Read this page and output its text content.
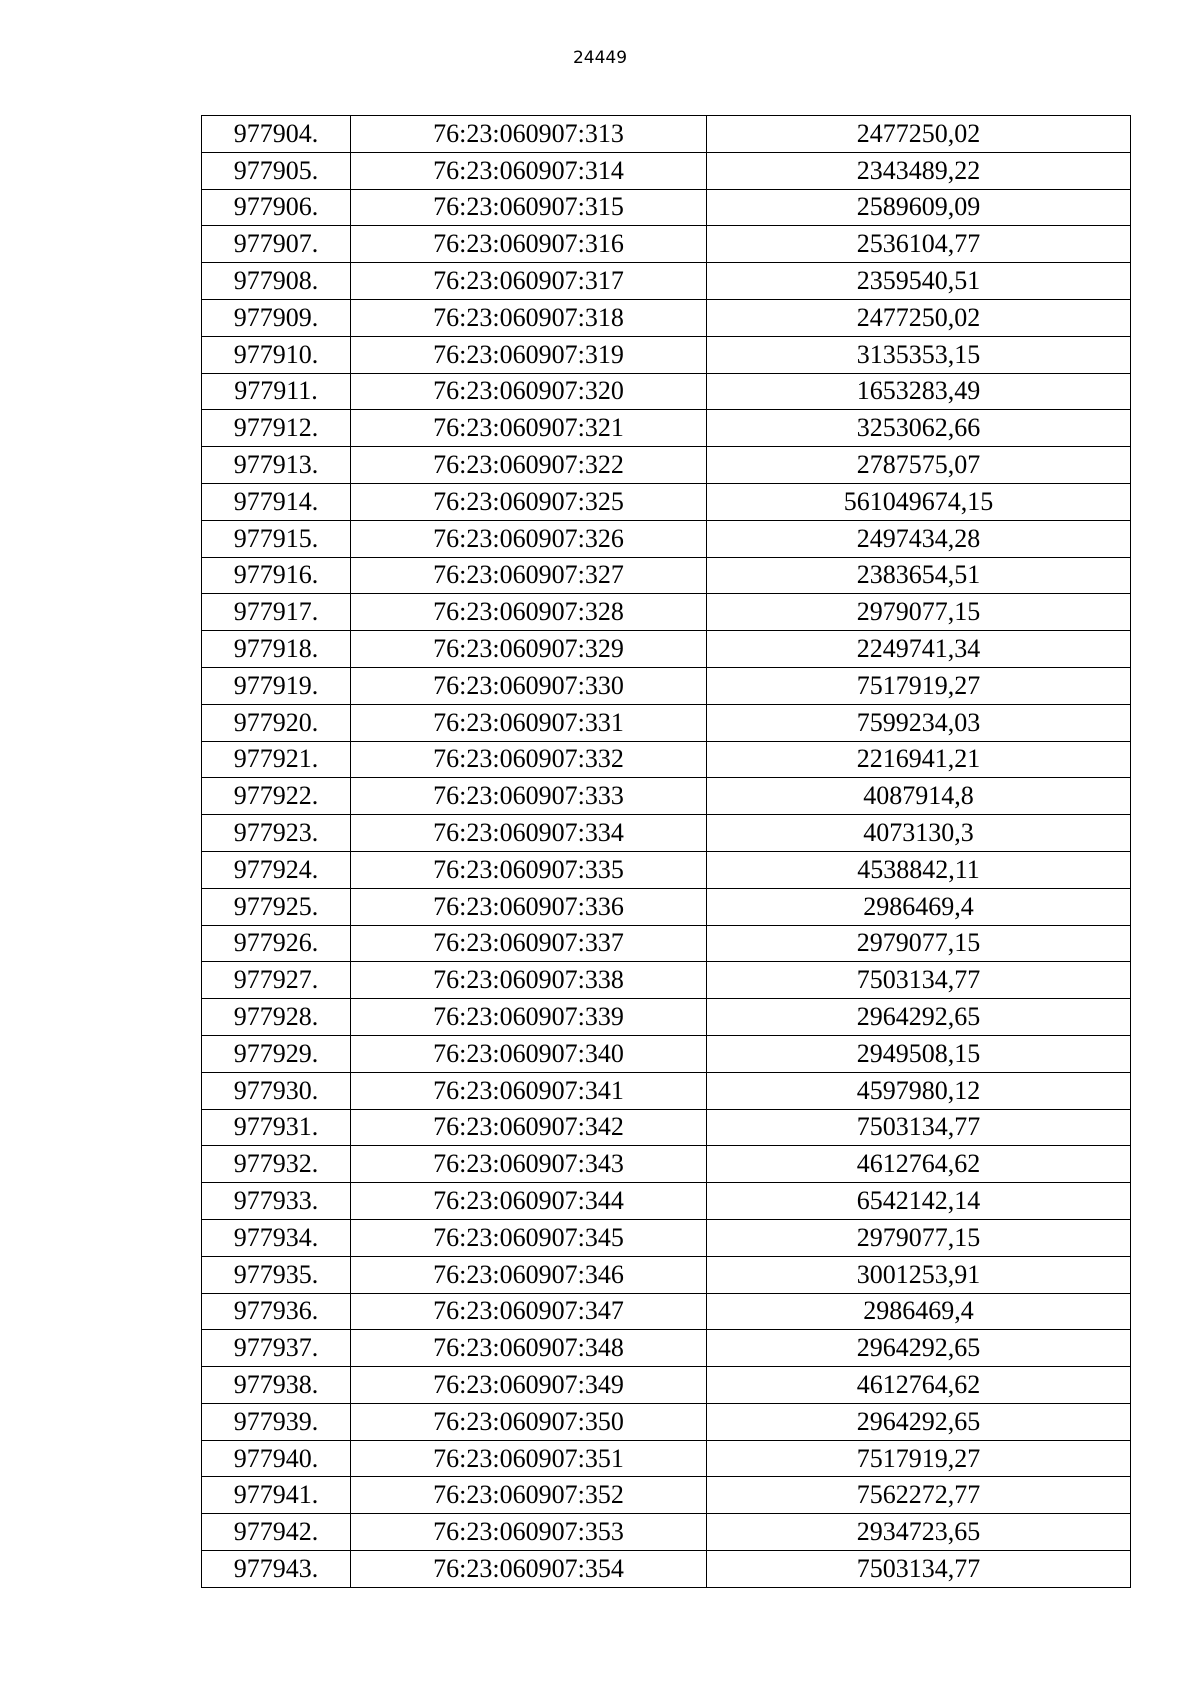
24449
977904.	76:23:060907:313	2477250,02
977905.	76:23:060907:314	2343489,22
977906.	76:23:060907:315	2589609,09
977907.	76:23:060907:316	2536104,77
977908.	76:23:060907:317	2359540,51
977909.	76:23:060907:318	2477250,02
977910.	76:23:060907:319	3135353,15
977911.	76:23:060907:320	1653283,49
977912.	76:23:060907:321	3253062,66
977913.	76:23:060907:322	2787575,07
977914.	76:23:060907:325	561049674,15
977915.	76:23:060907:326	2497434,28
977916.	76:23:060907:327	2383654,51
977917.	76:23:060907:328	2979077,15
977918.	76:23:060907:329	2249741,34
977919.	76:23:060907:330	7517919,27
977920.	76:23:060907:331	7599234,03
977921.	76:23:060907:332	2216941,21
977922.	76:23:060907:333	4087914,8
977923.	76:23:060907:334	4073130,3
977924.	76:23:060907:335	4538842,11
977925.	76:23:060907:336	2986469,4
977926.	76:23:060907:337	2979077,15
977927.	76:23:060907:338	7503134,77
977928.	76:23:060907:339	2964292,65
977929.	76:23:060907:340	2949508,15
977930.	76:23:060907:341	4597980,12
977931.	76:23:060907:342	7503134,77
977932.	76:23:060907:343	4612764,62
977933.	76:23:060907:344	6542142,14
977934.	76:23:060907:345	2979077,15
977935.	76:23:060907:346	3001253,91
977936.	76:23:060907:347	2986469,4
977937.	76:23:060907:348	2964292,65
977938.	76:23:060907:349	4612764,62
977939.	76:23:060907:350	2964292,65
977940.	76:23:060907:351	7517919,27
977941.	76:23:060907:352	7562272,77
977942.	76:23:060907:353	2934723,65
977943.	76:23:060907:354	7503134,77
